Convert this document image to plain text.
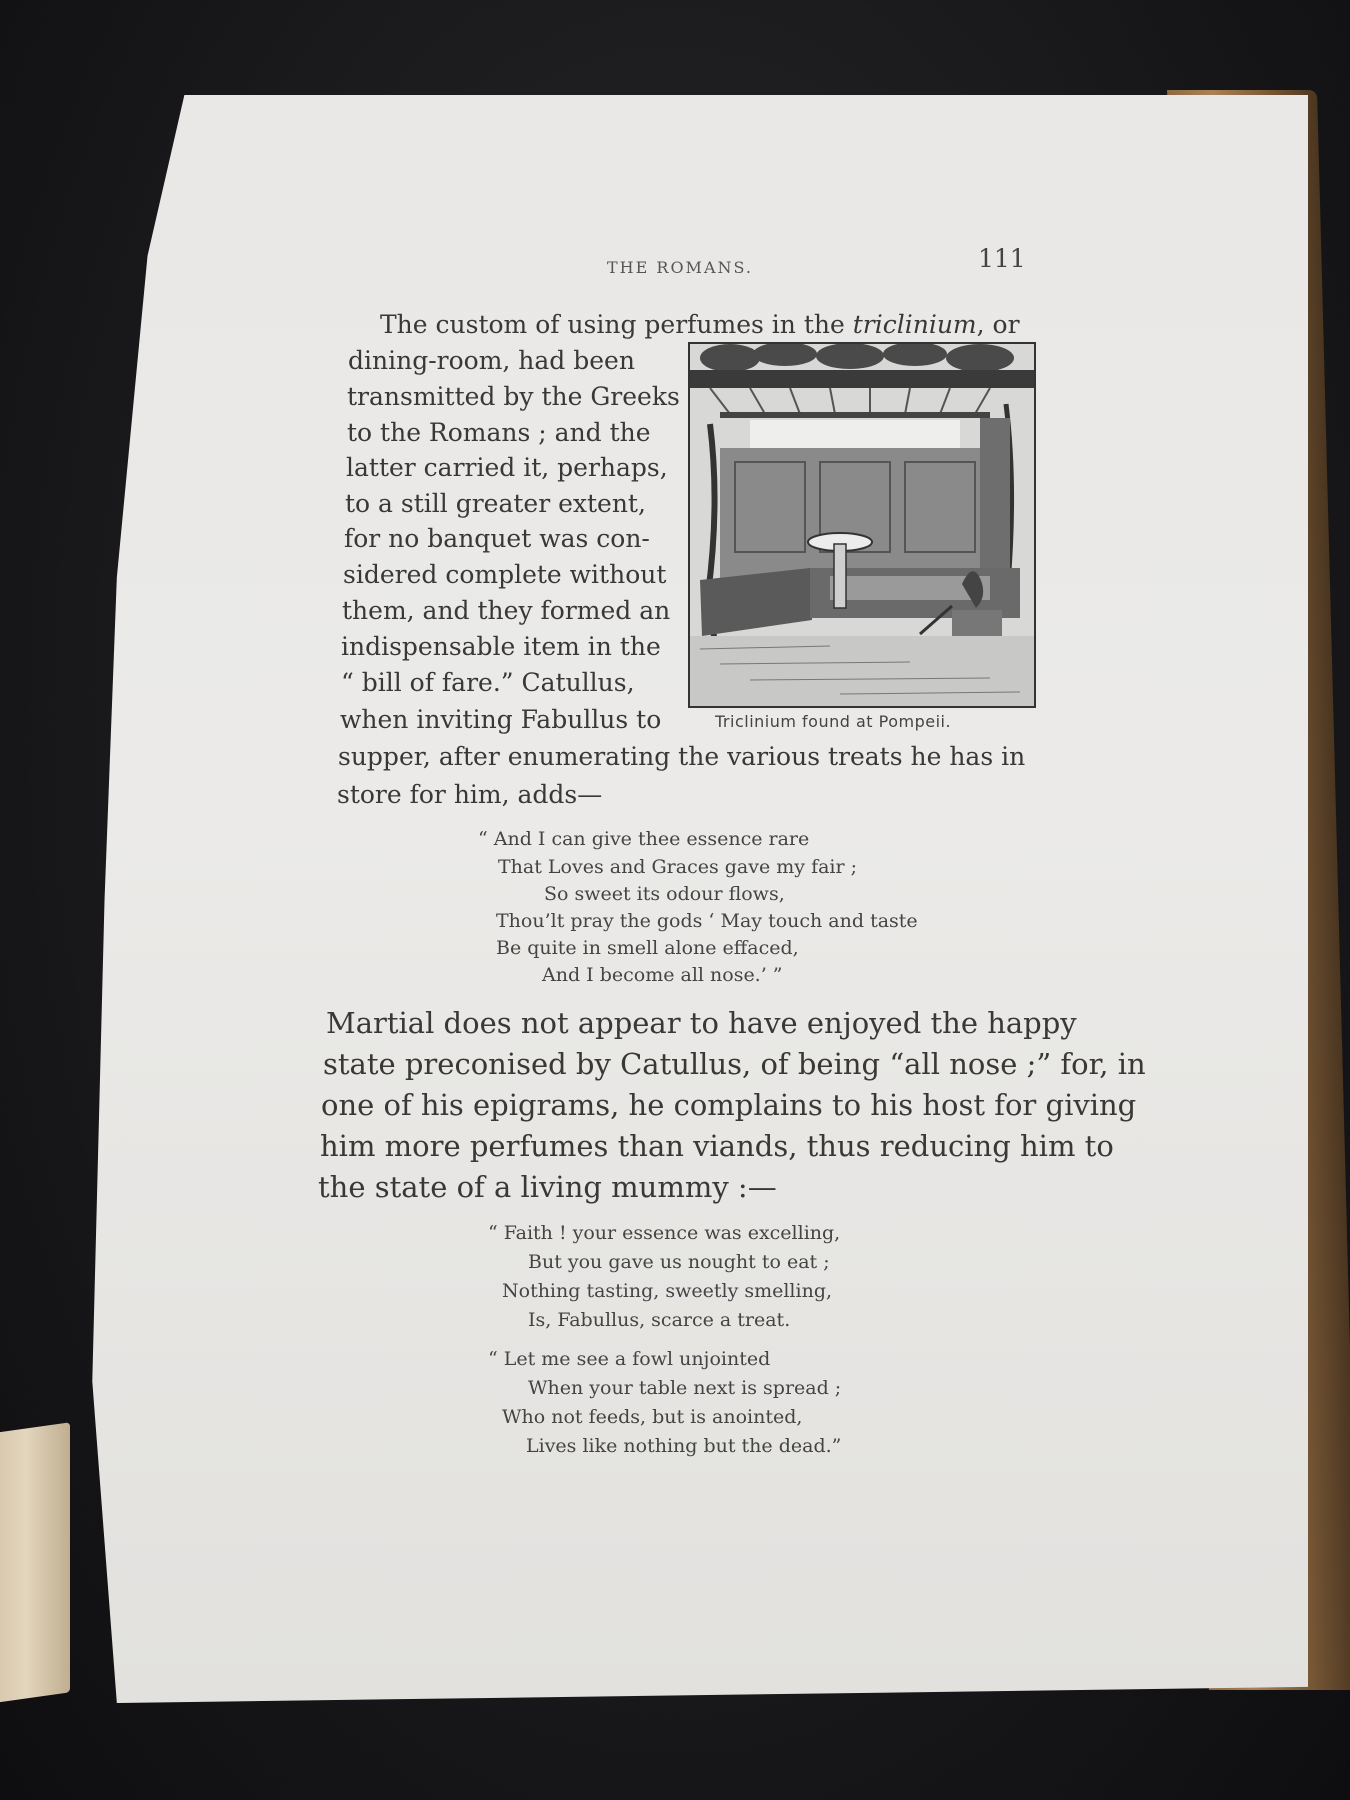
THE ROMANS.	111
The custom of using perfumes in the triclinium, or
dining-room, had been
transmitted by the Greeks
to the Romans ; and the
latter carried it, perhaps,
to a still greater extent,
for no banquet was con-
sidered complete without
them, and they formed an
indispensable item in the
“ bill of fare.” Catullus,
when inviting Fabullus to	Triclinium found at Pompeii.
supper, after enumerating the various treats he has in
store for him, adds—
“ And I can give thee essence rare
That Loves and Graces gave my fair ;
So sweet its odour flows,
Thou’lt pray the gods ‘ May touch and taste
Be quite in smell alone effaced,
And I become all nose.’ ”
Martial does not appear to have enjoyed the happy
state preconised by Catullus, of being “all nose ;” for, in
one of his epigrams, he complains to his host for giving
him more perfumes than viands, thus reducing him to
the state of a living mummy :—
“ Faith ! your essence was excelling,
But you gave us nought to eat ;
Nothing tasting, sweetly smelling,
Is, Fabullus, scarce a treat.
“ Let me see a fowl unjointed
When your table next is spread ;
Who not feeds, but is anointed,
Lives like nothing but the dead.”
